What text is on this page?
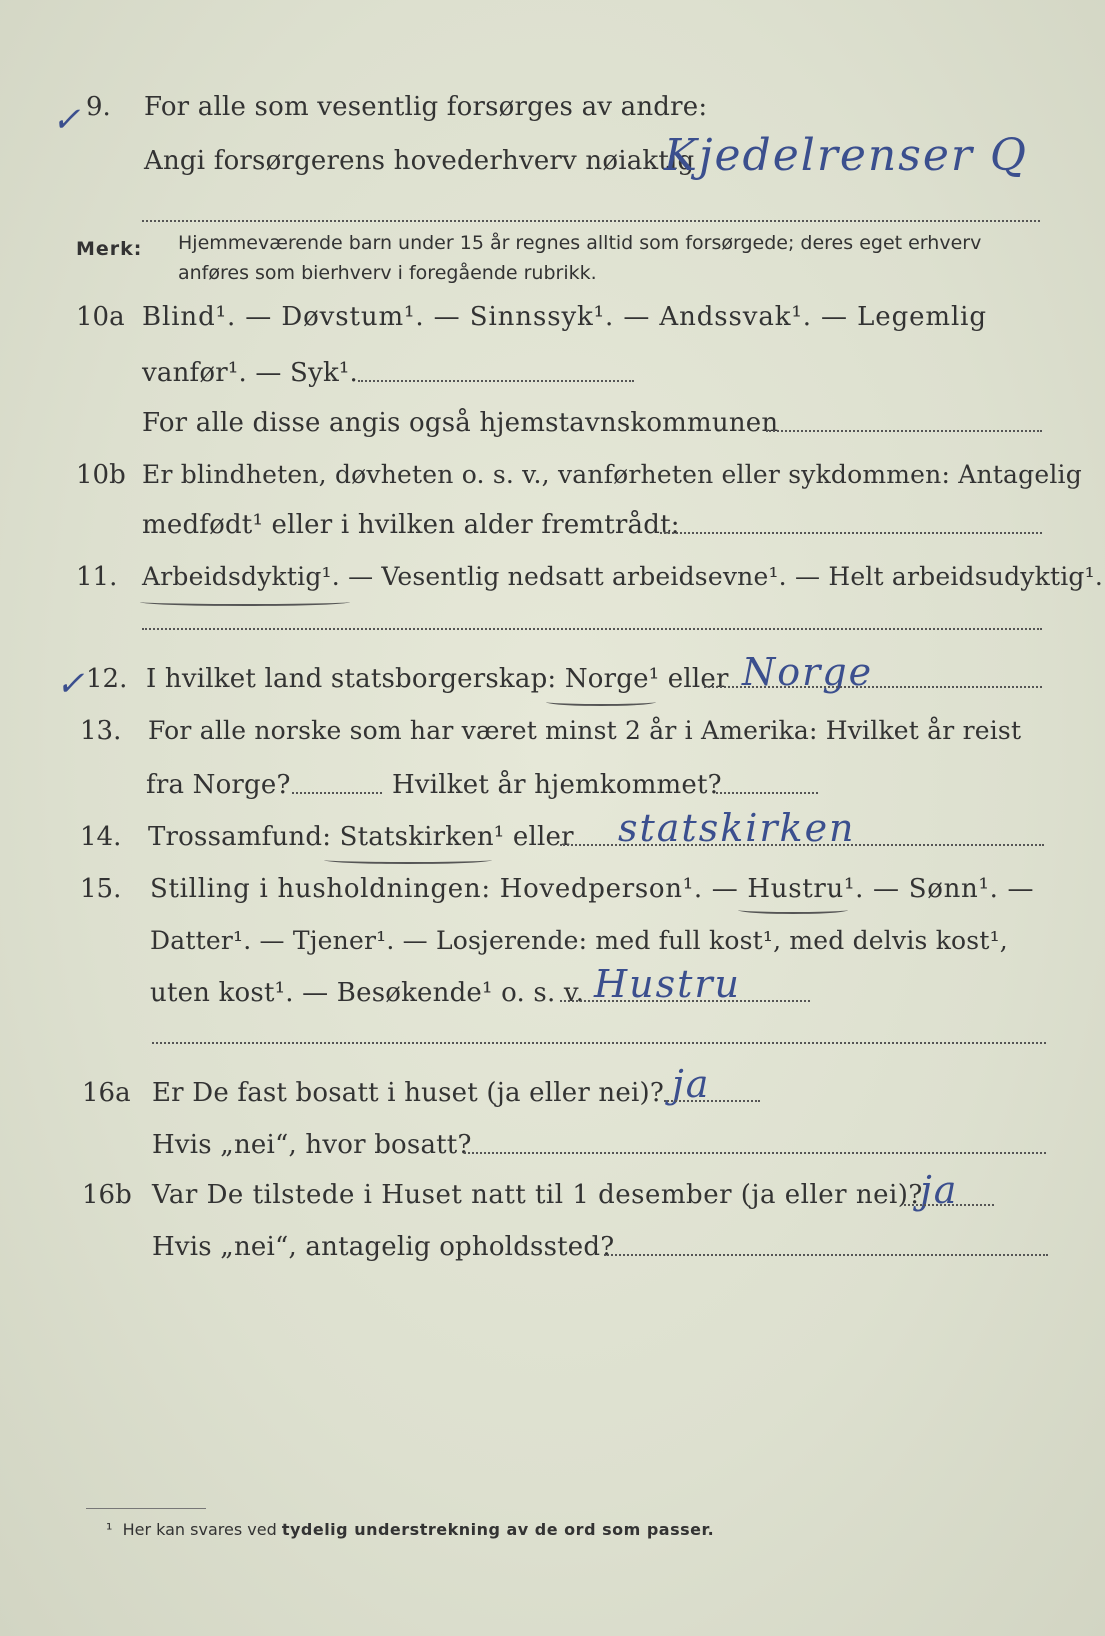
✓ 9. For alle som vesentlig forsørges av andre:
Angi forsørgerens hovederhverv nøiaktig
Kjedelrenser Q
Merk: Hjemmeværende barn under 15 år regnes alltid som forsørgede; deres eget erhverv
anføres som bierhverv i foregående rubrikk.
10a Blind¹. — Døvstum¹. — Sinnssyk¹. — Andssvak¹. — Legemlig
vanfør¹. — Syk¹.
For alle disse angis også hjemstavnskommunen
10b Er blindheten, døvheten o. s. v., vanførheten eller sykdommen: Antagelig
medfødt¹ eller i hvilken alder fremtrådt:
11. Arbeidsdyktig¹. — Vesentlig nedsatt arbeidsevne¹. — Helt arbeidsudyktig¹.
✓ 12. I hvilket land statsborgerskap: Norge¹ eller Norge
13. For alle norske som har været minst 2 år i Amerika: Hvilket år reist
fra Norge?	Hvilket år hjemkommet?
14. Trossamfund: Statskirken¹ eller statskirken
15. Stilling i husholdningen: Hovedperson¹. — Hustru¹. — Sønn¹. —
Datter¹. — Tjener¹. — Losjerende: med full kost¹, med delvis kost¹,
uten kost¹. — Besøkende¹ o. s. v. Hustru
16a Er De fast bosatt i huset (ja eller nei)? ja
Hvis „nei“, hvor bosatt?
16b Var De tilstede i Huset natt til 1 desember (ja eller nei)?
ja
Hvis „nei“, antagelig opholdssted?
¹ Her kan svares ved tydelig understrekning av de ord som passer.
